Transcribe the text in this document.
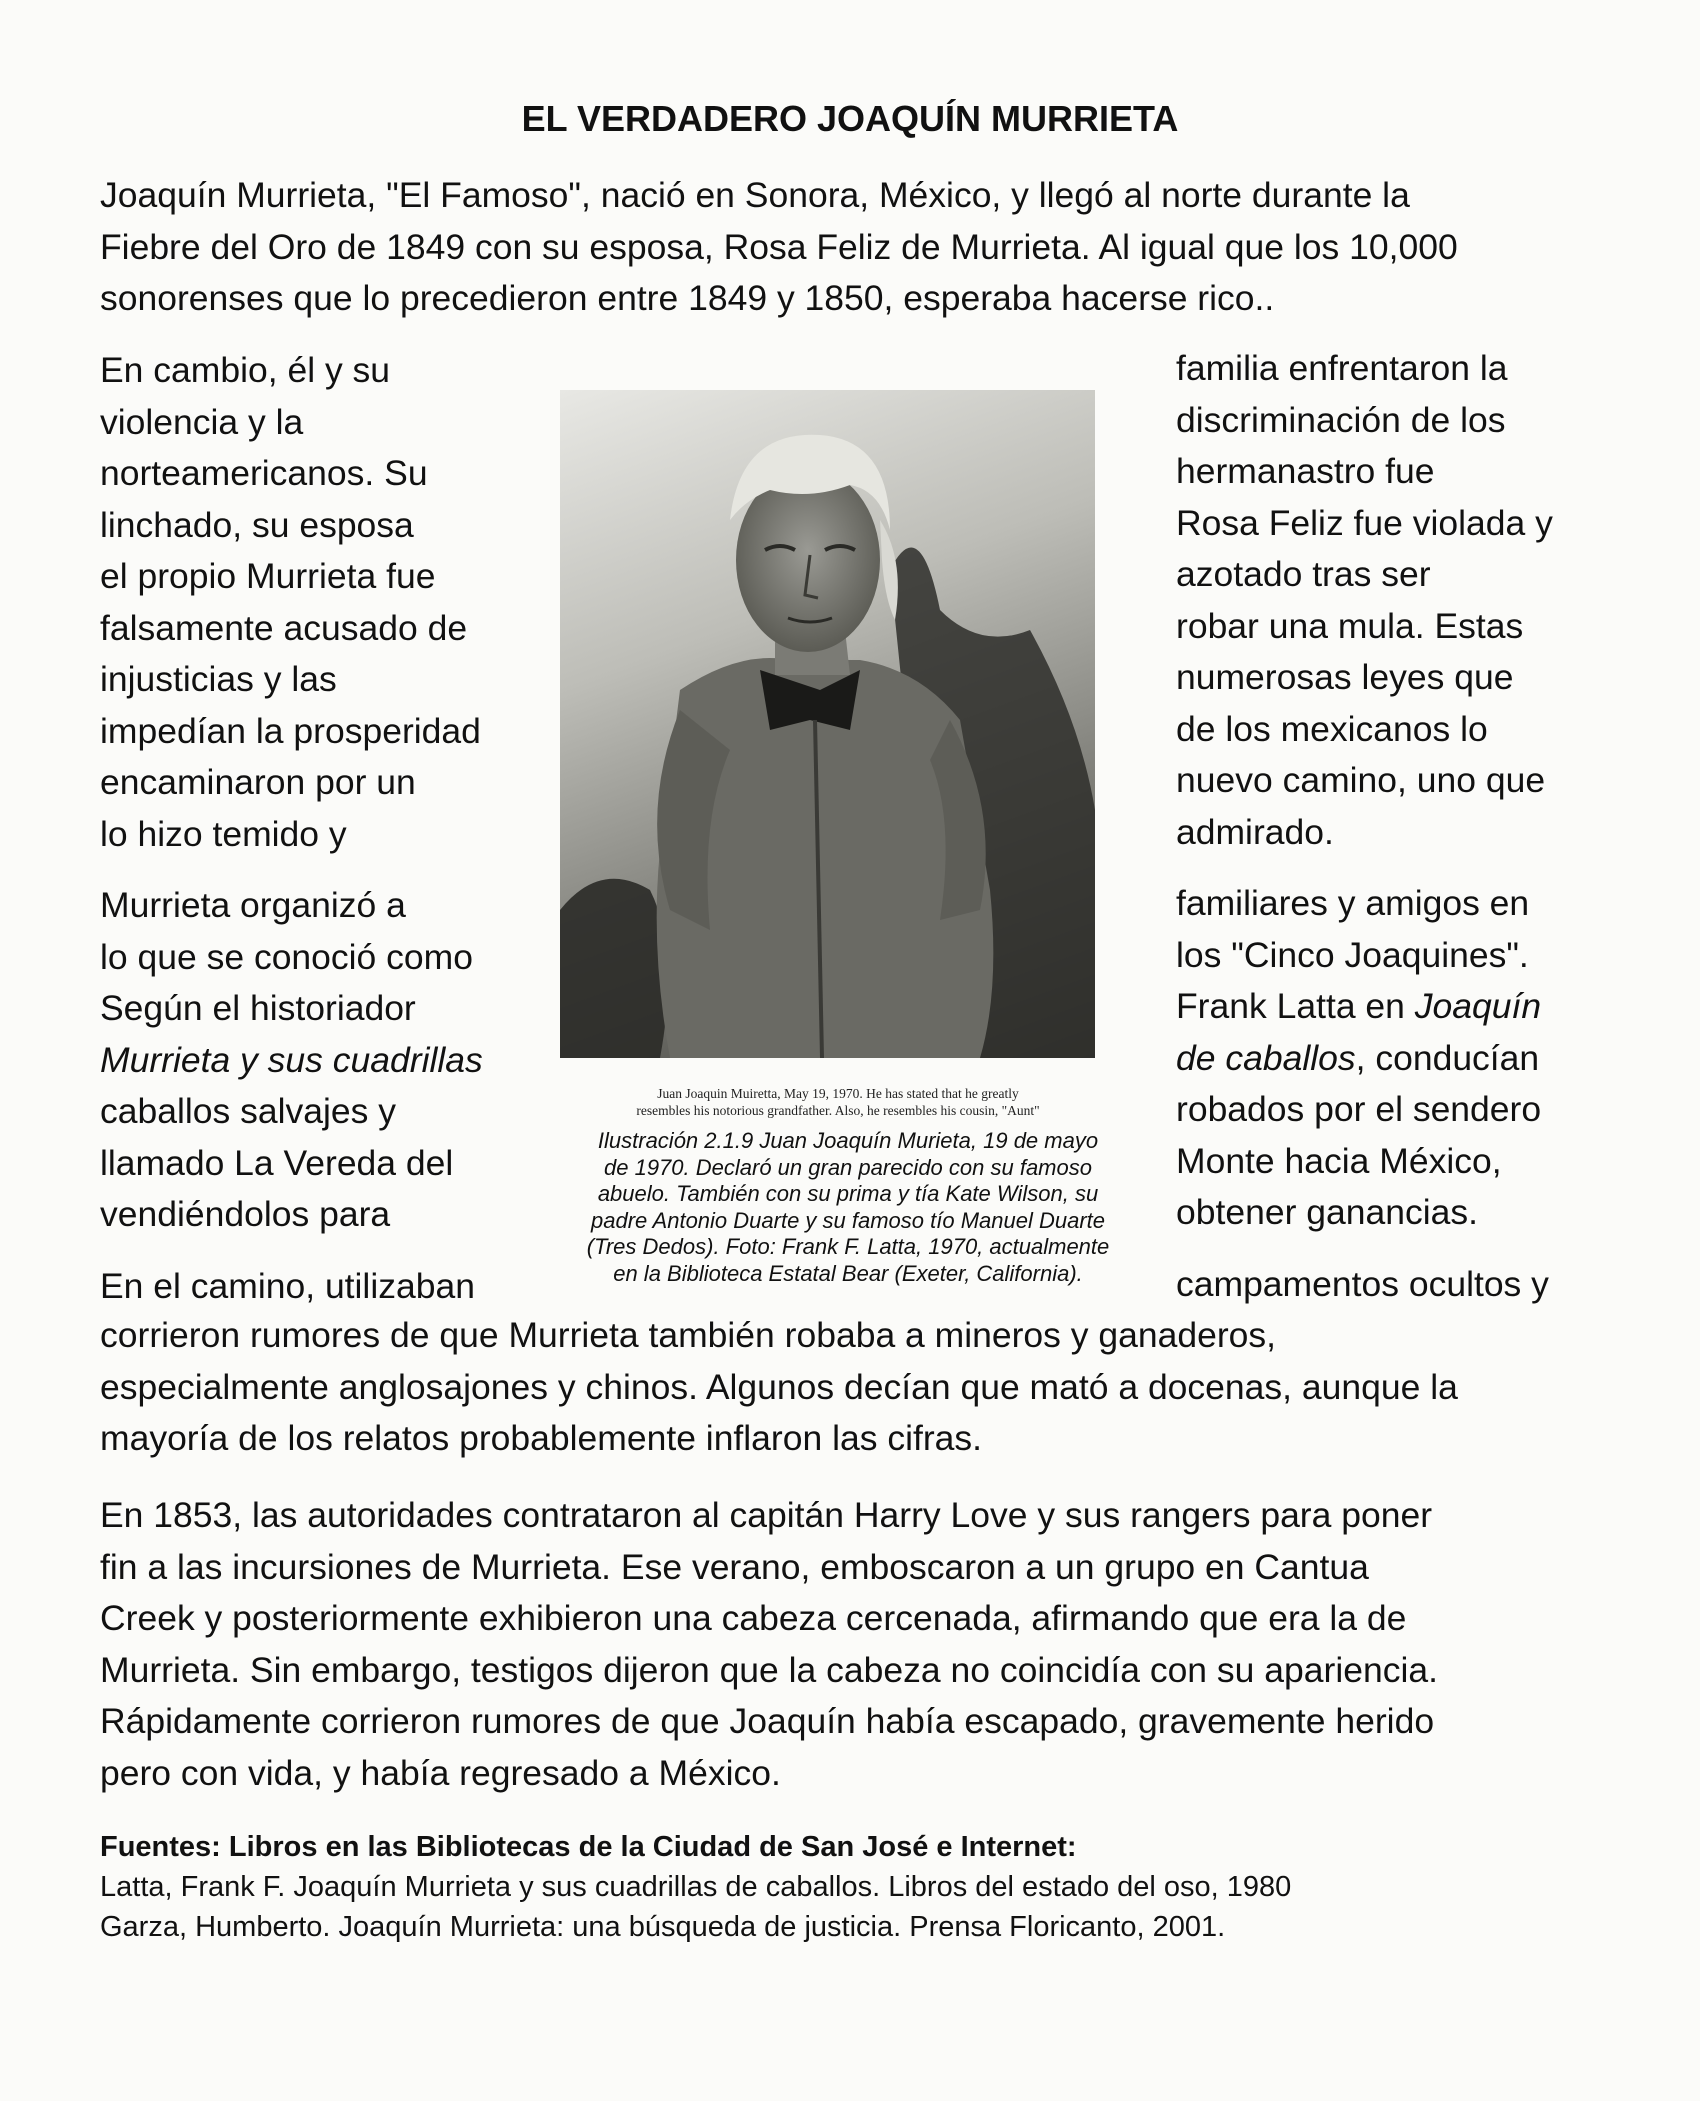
EL VERDADERO JOAQUÍN MURRIETA
Joaquín Murrieta, "El Famoso", nació en Sonora, México, y llegó al norte durante la
Fiebre del Oro de 1849 con su esposa, Rosa Feliz de Murrieta. Al igual que los 10,000
sonorenses que lo precedieron entre 1849 y 1850, esperaba hacerse rico..
En cambio, él y su
violencia y la
norteamericanos. Su
linchado, su esposa
el propio Murrieta fue
falsamente acusado de
injusticias y las
impedían la prosperidad
encaminaron por un
lo hizo temido y
familia enfrentaron la
discriminación de los
hermanastro fue
Rosa Feliz fue violada y
azotado tras ser
robar una mula. Estas
numerosas leyes que
de los mexicanos lo
nuevo camino, uno que
admirado.
Murrieta organizó a
lo que se conoció como
Según el historiador
Murrieta y sus cuadrillas
caballos salvajes y
llamado La Vereda del
vendiéndolos para
En el camino, utilizaban
familiares y amigos en
los "Cinco Joaquines".
Frank Latta en Joaquín
de caballos, conducían
robados por el sendero
Monte hacia México,
obtener ganancias.
campamentos ocultos y
corrieron rumores de que Murrieta también robaba a mineros y ganaderos,
especialmente anglosajones y chinos. Algunos decían que mató a docenas, aunque la
mayoría de los relatos probablemente inflaron las cifras.
En 1853, las autoridades contrataron al capitán Harry Love y sus rangers para poner
fin a las incursiones de Murrieta. Ese verano, emboscaron a un grupo en Cantua
Creek y posteriormente exhibieron una cabeza cercenada, afirmando que era la de
Murrieta. Sin embargo, testigos dijeron que la cabeza no coincidía con su apariencia.
Rápidamente corrieron rumores de que Joaquín había escapado, gravemente herido
pero con vida, y había regresado a México.
Juan Joaquin Muiretta, May 19, 1970. He has stated that he greatly
resembles his notorious grandfather. Also, he resembles his cousin, "Aunt"
Ilustración 2.1.9 Juan Joaquín Murieta, 19 de mayo
de 1970. Declaró un gran parecido con su famoso
abuelo. También con su prima y tía Kate Wilson, su
padre Antonio Duarte y su famoso tío Manuel Duarte
(Tres Dedos). Foto: Frank F. Latta, 1970, actualmente
en la Biblioteca Estatal Bear (Exeter, California).
Fuentes: Libros en las Bibliotecas de la Ciudad de San José e Internet:
Latta, Frank F. Joaquín Murrieta y sus cuadrillas de caballos. Libros del estado del oso, 1980
Garza, Humberto. Joaquín Murrieta: una búsqueda de justicia. Prensa Floricanto, 2001.
